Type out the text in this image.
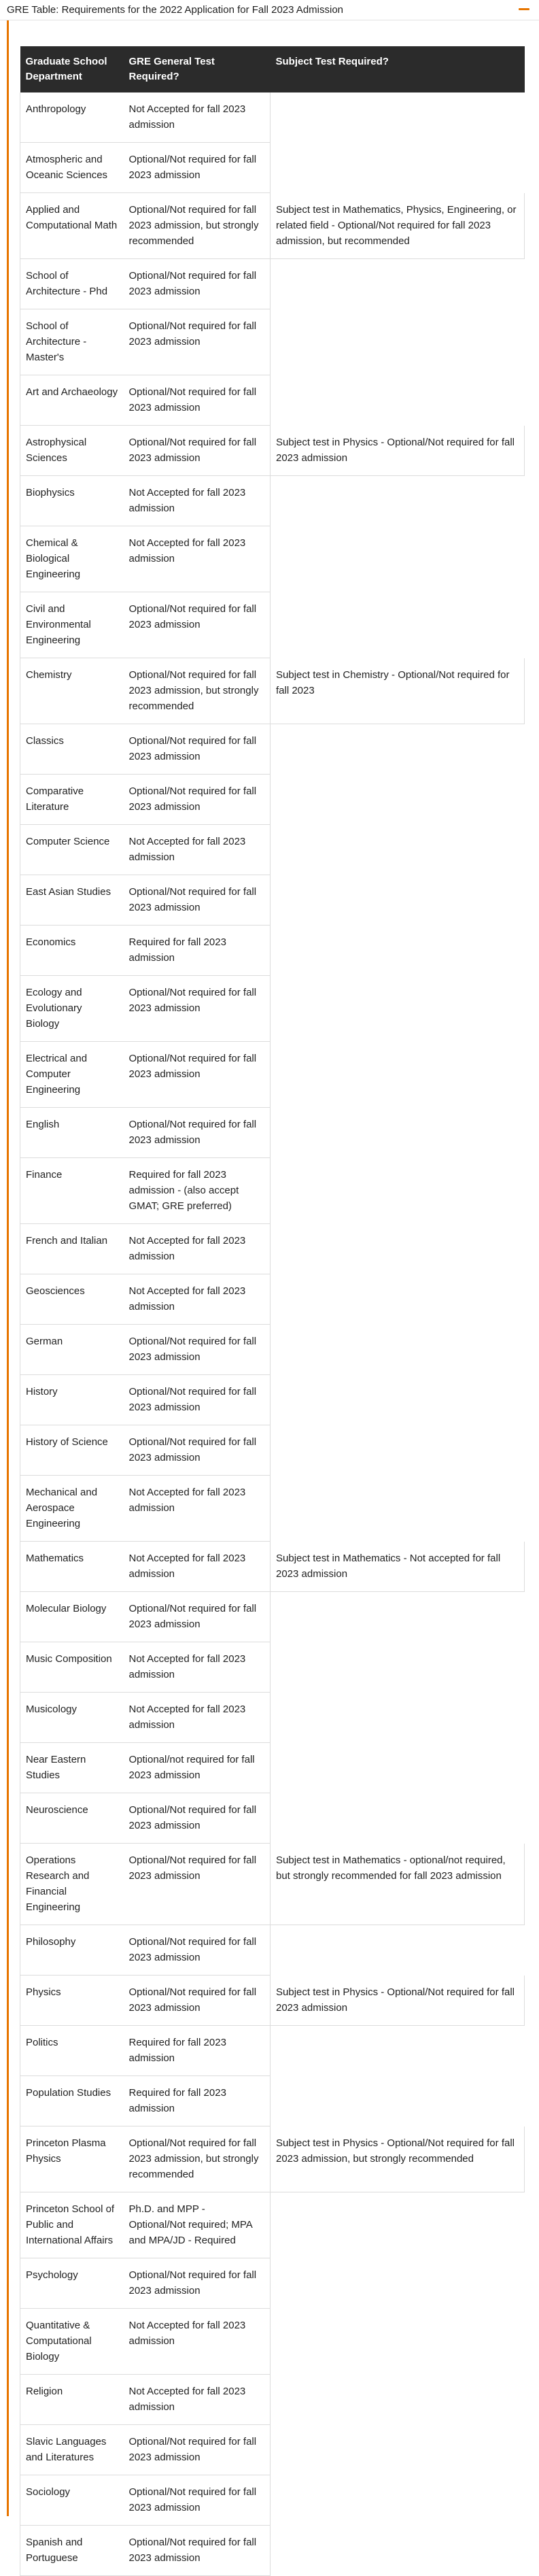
GRE Table: Requirements for the 2022 Application for Fall 2023 Admission
Graduate School Department	GRE General Test Required?	Subject Test Required?
Anthropology	Not Accepted for fall 2023 admission	
Atmospheric and Oceanic Sciences	Optional/Not required for fall 2023 admission	
Applied and Computational Math	Optional/Not required for fall 2023 admission, but strongly recommended	Subject test in Mathematics, Physics, Engineering, or related field - Optional/Not required for fall 2023 admission, but recommended
School of Architecture - Phd	Optional/Not required for fall 2023 admission	
School of Architecture - Master's	Optional/Not required for fall 2023 admission	
Art and Archaeology	Optional/Not required for fall 2023 admission	
Astrophysical Sciences	Optional/Not required for fall 2023 admission	Subject test in Physics - Optional/Not required for fall 2023 admission
Biophysics	Not Accepted for fall 2023 admission	
Chemical & Biological Engineering	Not Accepted for fall 2023 admission	
Civil and Environmental Engineering	Optional/Not required for fall 2023 admission	
Chemistry	Optional/Not required for fall 2023 admission, but strongly recommended	Subject test in Chemistry - Optional/Not required for fall 2023
Classics	Optional/Not required for fall 2023 admission	
Comparative Literature	Optional/Not required for fall 2023 admission	
Computer Science	Not Accepted for fall 2023 admission	
East Asian Studies	Optional/Not required for fall 2023 admission	
Economics	Required for fall 2023 admission	
Ecology and Evolutionary Biology	Optional/Not required for fall 2023 admission	
Electrical and Computer Engineering	Optional/Not required for fall 2023 admission	
English	Optional/Not required for fall 2023 admission	
Finance	Required for fall 2023 admission - (also accept GMAT; GRE preferred)	
French and Italian	Not Accepted for fall 2023 admission	
Geosciences	Not Accepted for fall 2023 admission	
German	Optional/Not required for fall 2023 admission	
History	Optional/Not required for fall 2023 admission	
History of Science	Optional/Not required for fall 2023 admission	
Mechanical and Aerospace Engineering	Not Accepted for fall 2023 admission	
Mathematics	Not Accepted for fall 2023 admission	Subject test in Mathematics - Not accepted for fall 2023 admission
Molecular Biology	Optional/Not required for fall 2023 admission	
Music Composition	Not Accepted for fall 2023 admission	
Musicology	Not Accepted for fall 2023 admission	
Near Eastern Studies	Optional/not required for fall 2023 admission	
Neuroscience	Optional/Not required for fall 2023 admission	
Operations Research and Financial Engineering	Optional/Not required for fall 2023 admission	Subject test in Mathematics - optional/not required, but strongly recommended for fall 2023 admission
Philosophy	Optional/Not required for fall 2023 admission	
Physics	Optional/Not required for fall 2023 admission	Subject test in Physics - Optional/Not required for fall 2023 admission
Politics	Required for fall 2023 admission	
Population Studies	Required for fall 2023 admission	
Princeton Plasma Physics	Optional/Not required for fall 2023 admission, but strongly recommended	Subject test in Physics - Optional/Not required for fall 2023 admission, but strongly recommended
Princeton School of Public and International Affairs	Ph.D. and MPP - Optional/Not required; MPA and MPA/JD - Required	
Psychology	Optional/Not required for fall 2023 admission	
Quantitative & Computational Biology	Not Accepted for fall 2023 admission	
Religion	Not Accepted for fall 2023 admission	
Slavic Languages and Literatures	Optional/Not required for fall 2023 admission	
Sociology	Optional/Not required for fall 2023 admission	
Spanish and Portuguese	Optional/Not required for fall 2023 admission	
